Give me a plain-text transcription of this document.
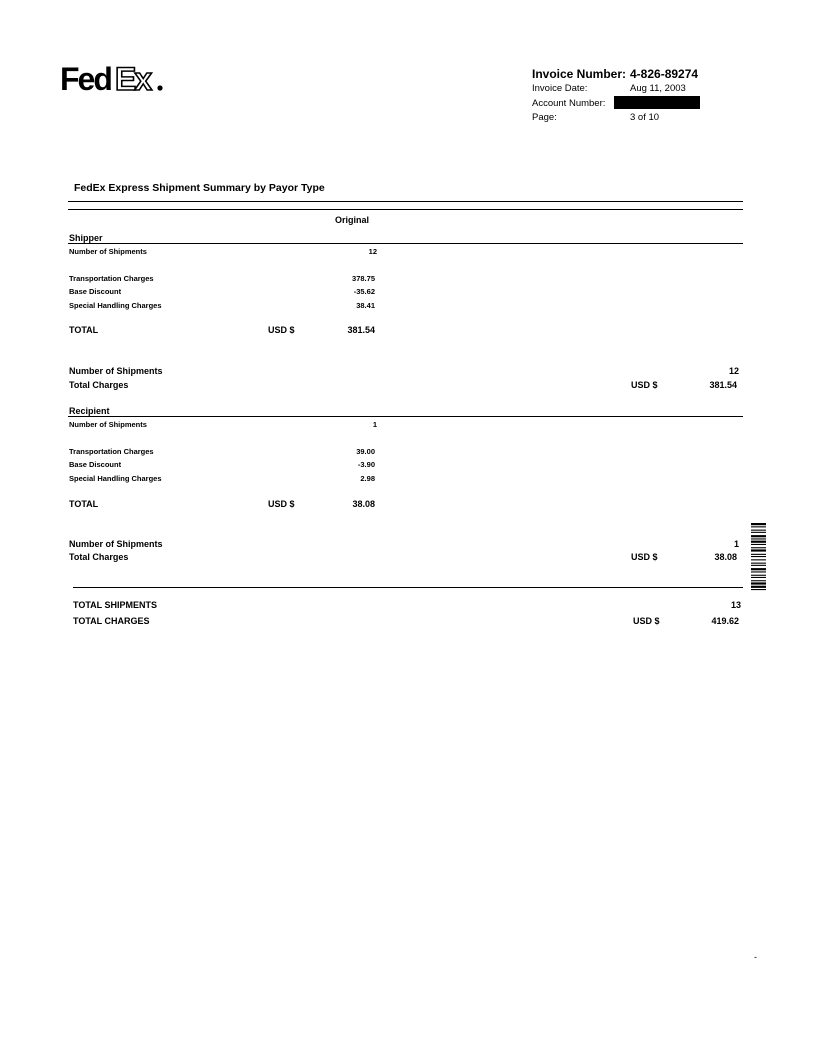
Fed Ex	Invoice Number: 4-826-89274
Invoice Date:	Aug 11, 2003
Account Number:
Page:	3 of 10
FedEx Express Shipment Summary by Payor Type
Original
Shipper
Number of Shipments	12
Transportation Charges	378.75
Base Discount	-35.62
Special Handling Charges	38.41
TOTAL	USD $	381.54
Number of Shipments	12
Total Charges	USD $	381.54
Recipient
Number of Shipments	1
Transportation Charges	39.00
Base Discount	-3.90
Special Handling Charges	2.98
TOTAL	USD $	38.08
Number of Shipments	1
Total Charges	USD $	38.08
TOTAL SHIPMENTS	13
TOTAL CHARGES	USD $	419.62
-
